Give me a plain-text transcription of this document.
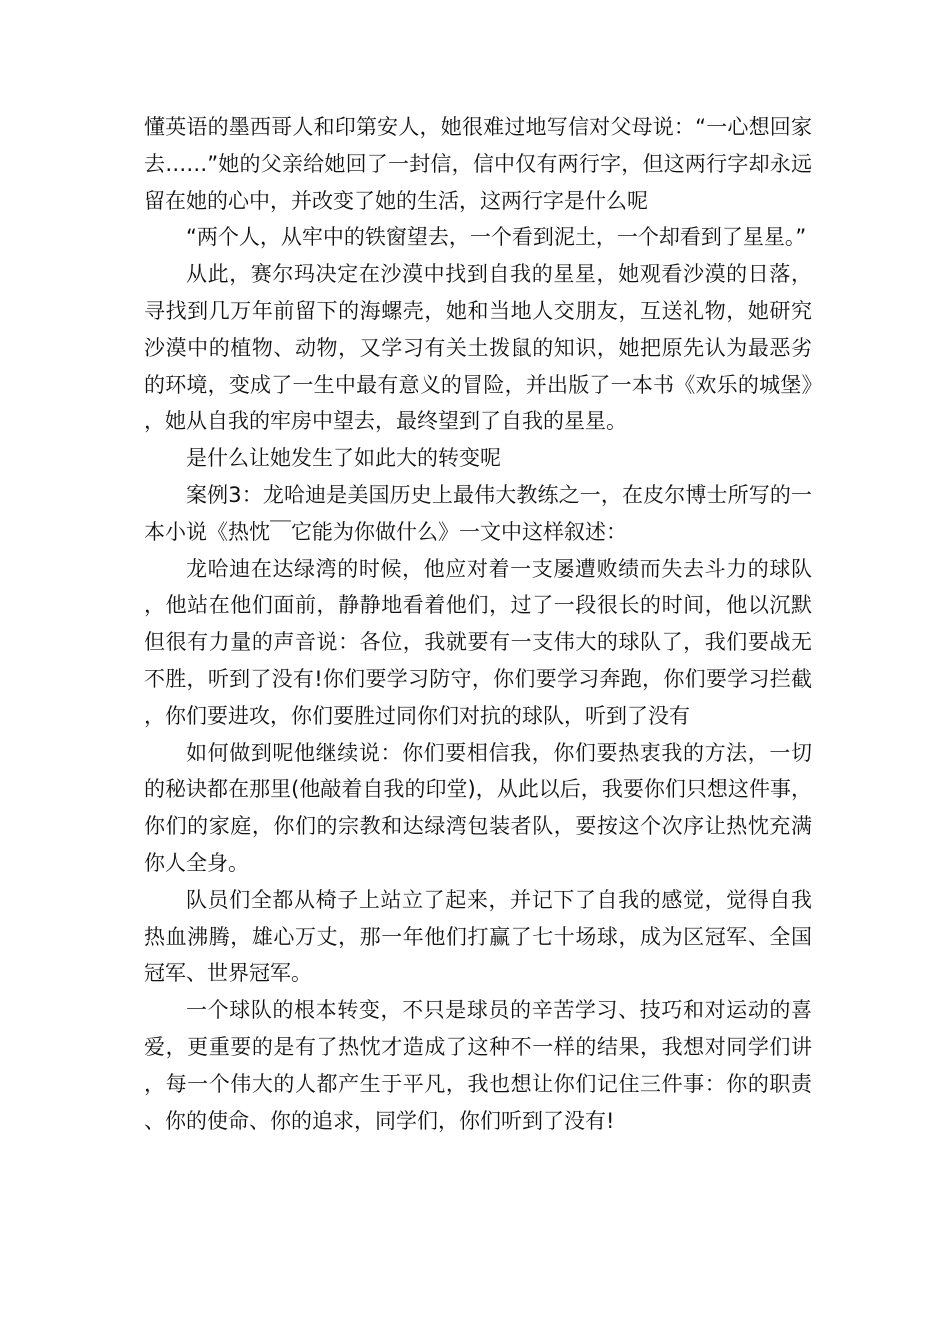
懂英语的墨西哥人和印第安人，她很难过地写信对父母说：“一心想回家去……”她的父亲给她回了一封信，信中仅有两行字，但这两行字却永远留在她的心中，并改变了她的生活，这两行字是什么呢

“两个人，从牢中的铁窗望去，一个看到泥土，一个却看到了星星。”

从此，赛尔玛决定在沙漠中找到自我的星星，她观看沙漠的日落，寻找到几万年前留下的海螺壳，她和当地人交朋友，互送礼物，她研究沙漠中的植物、动物，又学习有关土拨鼠的知识，她把原先认为最恶劣的环境，变成了一生中最有意义的冒险，并出版了一本书《欢乐的城堡》，她从自我的牢房中望去，最终望到了自我的星星。

是什么让她发生了如此大的转变呢

案例3：龙哈迪是美国历史上最伟大教练之一，在皮尔博士所写的一本小说《热忱￣它能为你做什么》一文中这样叙述：

龙哈迪在达绿湾的时候，他应对着一支屡遭败绩而失去斗力的球队，他站在他们面前，静静地看着他们，过了一段很长的时间，他以沉默但很有力量的声音说：各位，我就要有一支伟大的球队了，我们要战无不胜，听到了没有!你们要学习防守，你们要学习奔跑，你们要学习拦截，你们要进攻，你们要胜过同你们对抗的球队，听到了没有

如何做到呢他继续说：你们要相信我，你们要热衷我的方法，一切的秘诀都在那里(他敲着自我的印堂)，从此以后，我要你们只想这件事，你们的家庭，你们的宗教和达绿湾包装者队，要按这个次序让热忱充满你人全身。

队员们全都从椅子上站立了起来，并记下了自我的感觉，觉得自我热血沸腾，雄心万丈，那一年他们打赢了七十场球，成为区冠军、全国冠军、世界冠军。

一个球队的根本转变，不只是球员的辛苦学习、技巧和对运动的喜爱，更重要的是有了热忱才造成了这种不一样的结果，我想对同学们讲，每一个伟大的人都产生于平凡，我也想让你们记住三件事：你的职责、你的使命、你的追求，同学们，你们听到了没有!
